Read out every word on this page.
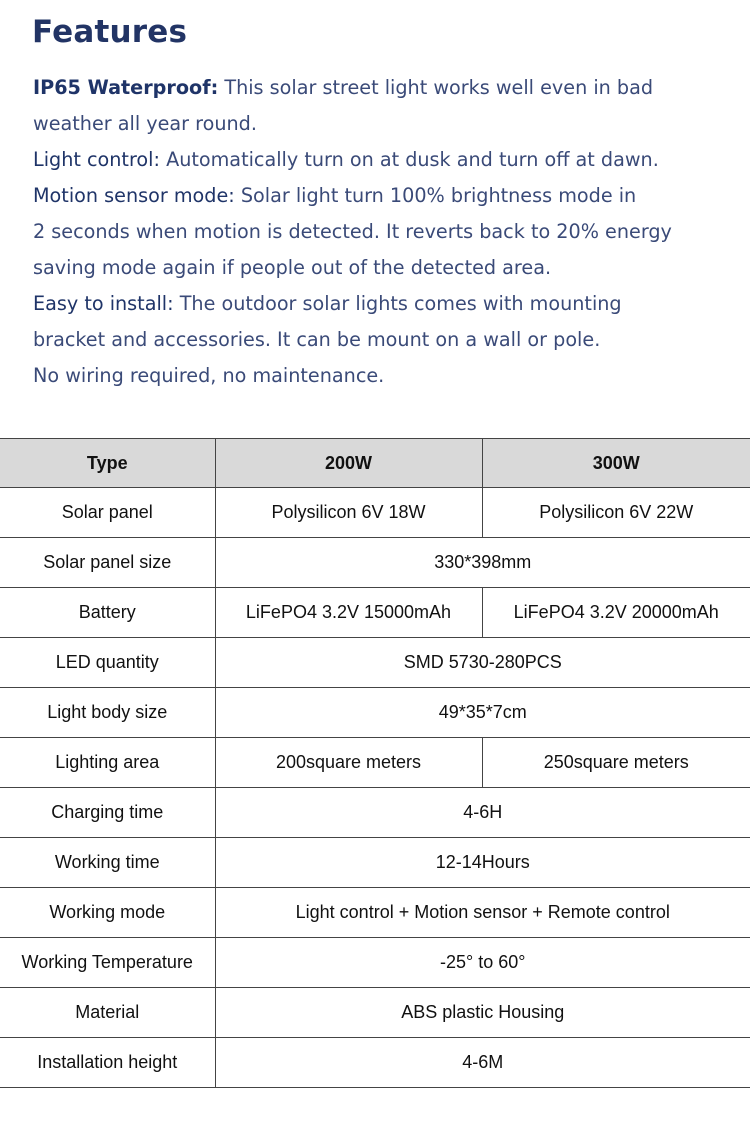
Features
IP65 Waterproof: This solar street light works well even in bad
weather all year round.
Light control: Automatically turn on at dusk and turn off at dawn.
Motion sensor mode: Solar light turn 100% brightness mode in
2 seconds when motion is detected. It reverts back to 20% energy
saving mode again if people out of the detected area.
Easy to install: The outdoor solar lights comes with mounting
bracket and accessories. It can be mount on a wall or pole.
No wiring required, no maintenance.
Type	200W	300W
Solar panel	Polysilicon 6V 18W	Polysilicon 6V 22W
Solar panel size	330*398mm	
Battery	LiFePO4 3.2V 15000mAh	LiFePO4 3.2V 20000mAh
LED quantity	SMD 5730-280PCS	
Light body size	49*35*7cm	
Lighting area	200square meters	250square meters
Charging time	4-6H	
Working time	12-14Hours	
Working mode	Light control + Motion sensor + Remote control	
Working Temperature	-25° to 60°	
Material	ABS plastic Housing	
Installation height	4-6M	
